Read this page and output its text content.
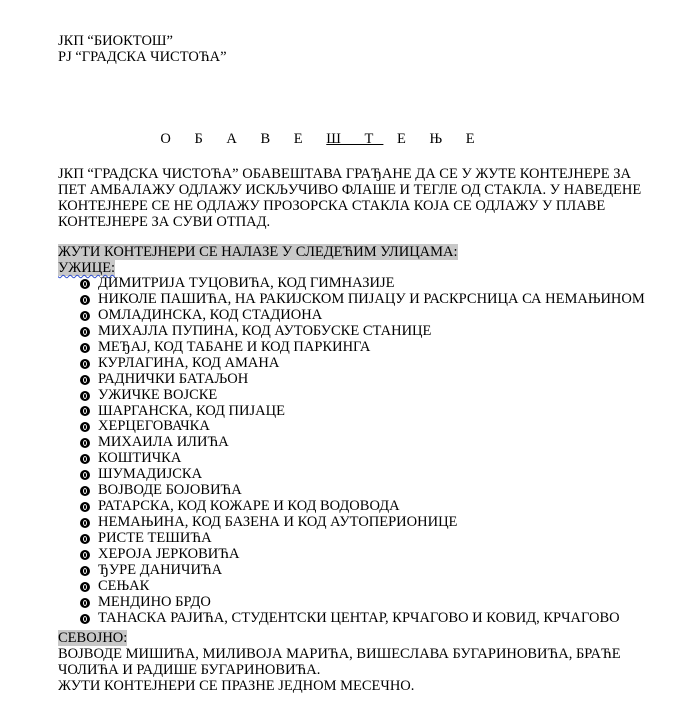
ЈКП “БИОКТОШ”
РЈ “ГРАДСКА ЧИСТОЋА”
О Б А В Е Ш Т Е Њ Е
ЈКП “ГРАДСКА ЧИСТОЋА” ОБАВЕШТАВА ГРАЂАНЕ ДА СЕ У ЖУТЕ КОНТЕЈНЕРЕ ЗА
ПЕТ АМБАЛАЖУ ОДЛАЖУ ИСКЉУЧИВО ФЛАШЕ И ТЕГЛЕ ОД СТАКЛА. У НАВЕДЕНЕ
КОНТЕЈНЕРЕ СЕ НЕ ОДЛАЖУ ПРОЗОРСКА СТАКЛА КОЈА СЕ ОДЛАЖУ У ПЛАВЕ
КОНТЕЈНЕРЕ ЗА СУВИ ОТПАД.
ЖУТИ КОНТЕЈНЕРИ СЕ НАЛАЗЕ У СЛЕДЕЋИМ УЛИЦАМА:
УЖИЦЕ:
ДИМИТРИЈА ТУЦОВИЋА, КОД ГИМНАЗИЈЕ
НИКОЛЕ ПАШИЋА, НА РАКИЈСКОМ ПИЈАЦУ И РАСКРСНИЦА СА НЕМАЊИНОМ
ОМЛАДИНСКА, КОД СТАДИОНА
МИХАЈЛА ПУПИНА, КОД АУТОБУСКЕ СТАНИЦЕ
МЕЂАЈ, КОД ТАБАНЕ И КОД ПАРКИНГА
КУРЛАГИНА, КОД АМАНА
РАДНИЧКИ БАТАЉОН
УЖИЧКЕ ВОЈСКЕ
ШАРГАНСКА, КОД ПИЈАЦЕ
ХЕРЦЕГОВАЧКА
МИХАИЛА ИЛИЋА
КОШТИЧКА
ШУМАДИЈСКА
ВОЈВОДЕ БОЈОВИЋА
РАТАРСКА, КОД КОЖАРЕ И КОД ВОДОВОДА
НЕМАЊИНА, КОД БАЗЕНА И КОД АУТОПЕРИОНИЦЕ
РИСТЕ ТЕШИЋА
ХЕРОЈА ЈЕРКОВИЋА
ЂУРЕ ДАНИЧИЋА
СЕЊАК
МЕНДИНО БРДО
ТАНАСКА РАЈИЋА, СТУДЕНТСКИ ЦЕНТАР, КРЧАГОВО И КОВИД, КРЧАГОВО
СЕВОЈНО:
ВОЈВОДЕ МИШИЋА, МИЛИВОЈА МАРИЋА, ВИШЕСЛАВА БУГАРИНОВИЋА, БРАЋЕ
ЧОЛИЋА И РАДИШЕ БУГАРИНОВИЋА.
ЖУТИ КОНТЕЈНЕРИ СЕ ПРАЗНЕ ЈЕДНОМ МЕСЕЧНО.
